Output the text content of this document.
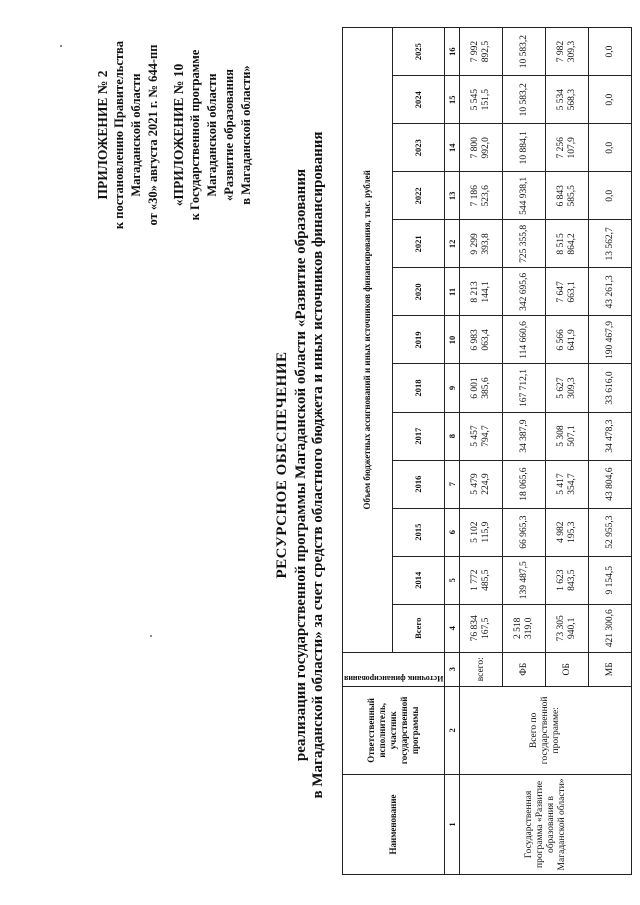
ПРИЛОЖЕНИЕ № 2 к постановлению Правительства Магаданской области от «30» августа 2021 г. № 644-пп «ПРИЛОЖЕНИЕ № 10 к Государственной программе Магаданской области «Развитие образования в Магаданской области»
РЕСУРСНОЕ ОБЕСПЕЧЕНИЕ реализации государственной программы Магаданской области «Развитие образования в Магаданской области» за счет средств областного бюджета и иных источников финансирования
Наименование	Ответственный исполнитель, участник государственной программы	Источник финансирования	Объем бюджетных ассигнований и иных источников финансирования, тыс. рублей												
			Всего	2014	2015	2016	2017	2018	2019	2020	2021	2022	2023	2024	2025
1	2	3	4	5	6	7	8	9	10	11	12	13	14	15	16
Государственная программа «Развитие образования в Магаданской области»	Всего по государственной программе:	всего:	76 834 167,5	1 772 485,5	5 102 115,9	5 479 224,9	5 457 794,7	6 001 385,6	6 983 063,4	8 213 144,1	9 299 393,8	7 186 523,6	7 800 992,0	5 545 151,5	7 992 892,5
		ФБ	2 518 319,0	139 487,5	66 965,3	18 065,6	34 387,9	167 712,1	114 660,6	342 695,6	725 355,8	544 938,1	10 884,1	10 583,2	10 583,2
		ОБ	73 305 940,1	1 623 843,5	4 982 195,3	5 417 354,7	5 308 507,1	5 627 309,3	6 566 641,9	7 647 663,1	8 515 864,2	6 843 585,5	7 256 107,9	5 534 568,3	7 982 309,3
		МБ	421 300,6	9 154,5	52 955,3	43 804,6	34 478,3	33 616,0	190 467,9	43 261,3	13 562,7	0,0	0,0	0,0	0,0
